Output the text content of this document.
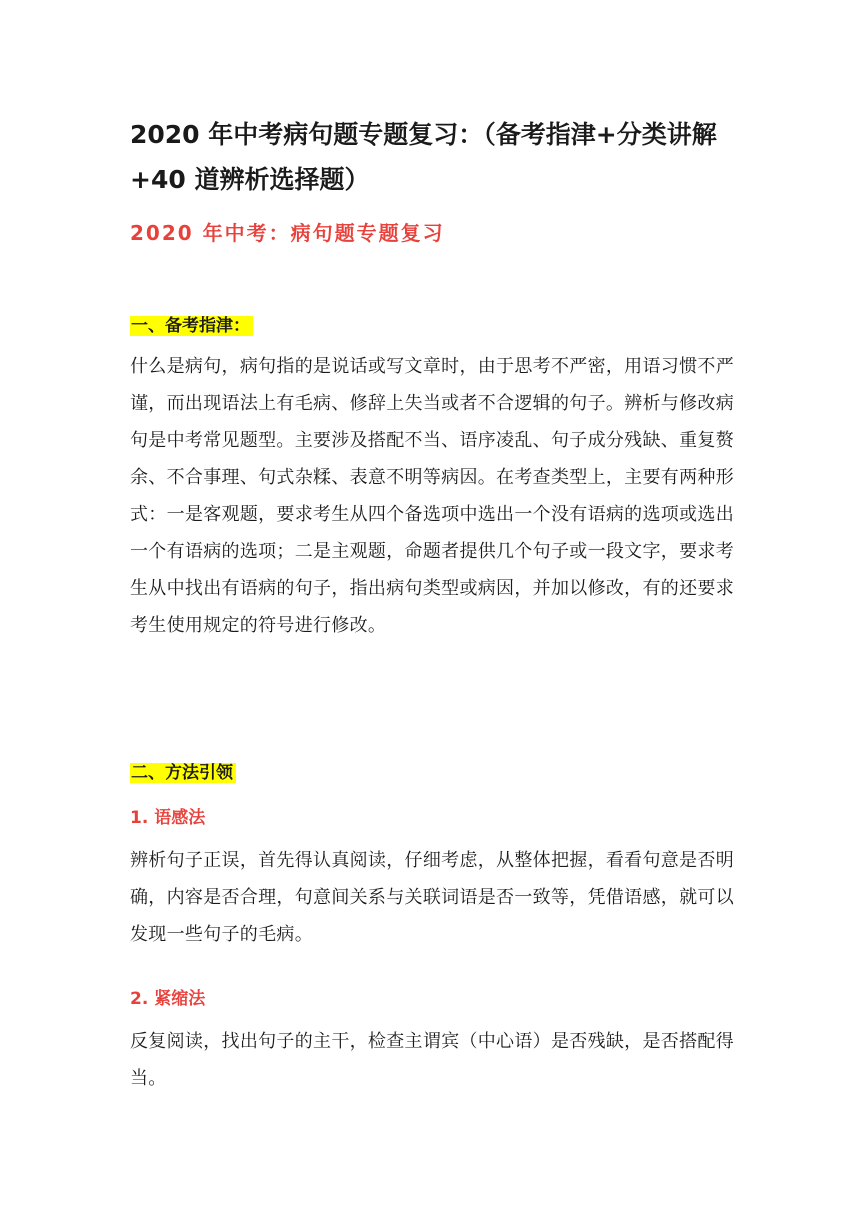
2020 年中考病句题专题复习：（备考指津+分类讲解+40 道辨析选择题）
2020 年中考：病句题专题复习
一、备考指津：

什么是病句，病句指的是说话或写文章时，由于思考不严密，用语习惯不严谨，而出现语法上有毛病、修辞上失当或者不合逻辑的句子。辨析与修改病句是中考常见题型。主要涉及搭配不当、语序凌乱、句子成分残缺、重复赘余、不合事理、句式杂糅、表意不明等病因。在考查类型上，主要有两种形式：一是客观题，要求考生从四个备选项中选出一个没有语病的选项或选出一个有语病的选项；二是主观题，命题者提供几个句子或一段文字，要求考生从中找出有语病的句子，指出病句类型或病因，并加以修改，有的还要求考生使用规定的符号进行修改。

二、方法引领
1. 语感法

辨析句子正误，首先得认真阅读，仔细考虑，从整体把握，看看句意是否明确，内容是否合理，句意间关系与关联词语是否一致等，凭借语感，就可以发现一些句子的毛病。

2. 紧缩法

反复阅读，找出句子的主干，检查主谓宾（中心语）是否残缺，是否搭配得当。
